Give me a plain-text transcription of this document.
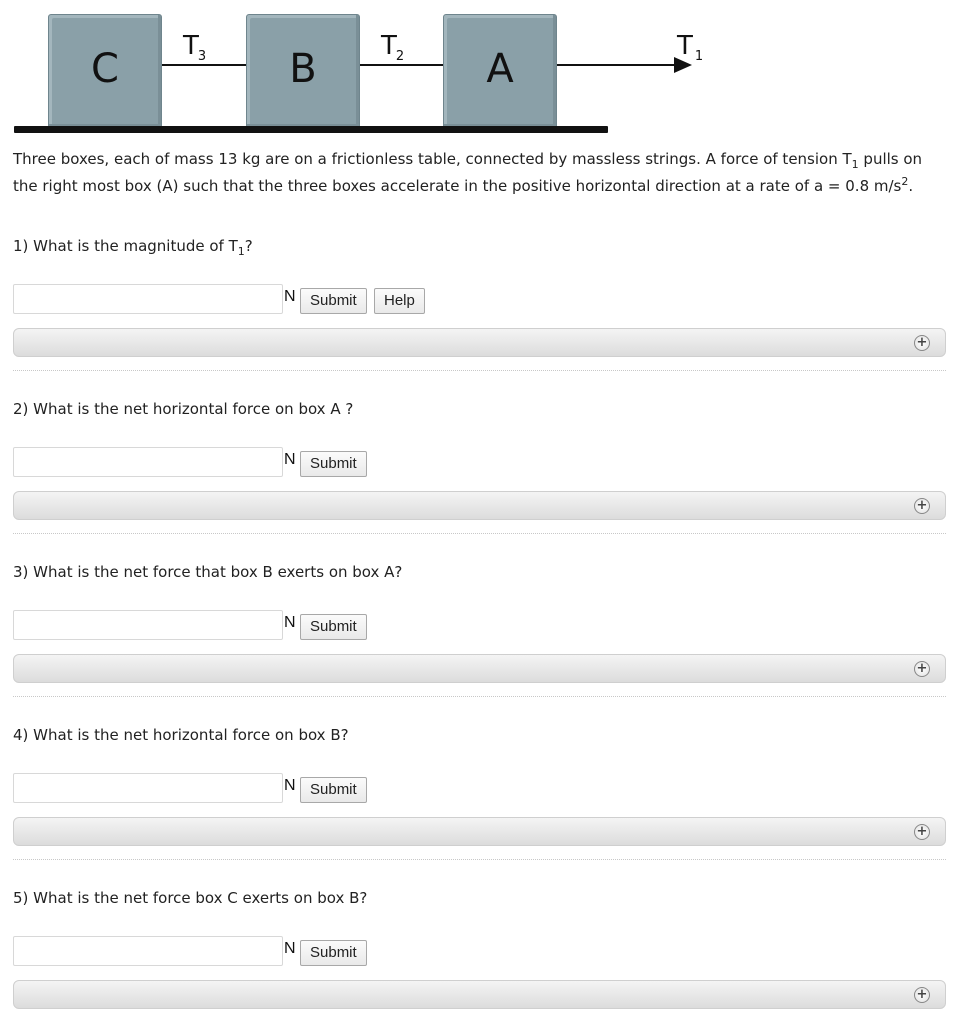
C $T_3$ B $T_2$ A	T $_1$
Three boxes, each of mass 13 kg are on a frictionless table, connected by massless strings. A force of tension $T_1$ pulls on the right most box (A) such that the three boxes accelerate in the positive horizontal direction at a rate of a = 0.8 $m/s^2$.
1) What is the magnitude of $T_1$?
N Submit	Help
+
2) What is the net horizontal force on box A ?
N Submit
+
3) What is the net force that box B exerts on box A?
N Submit
+
4) What is the net horizontal force on box B?
N Submit
+
5) What is the net force box C exerts on box B?
N Submit
+
